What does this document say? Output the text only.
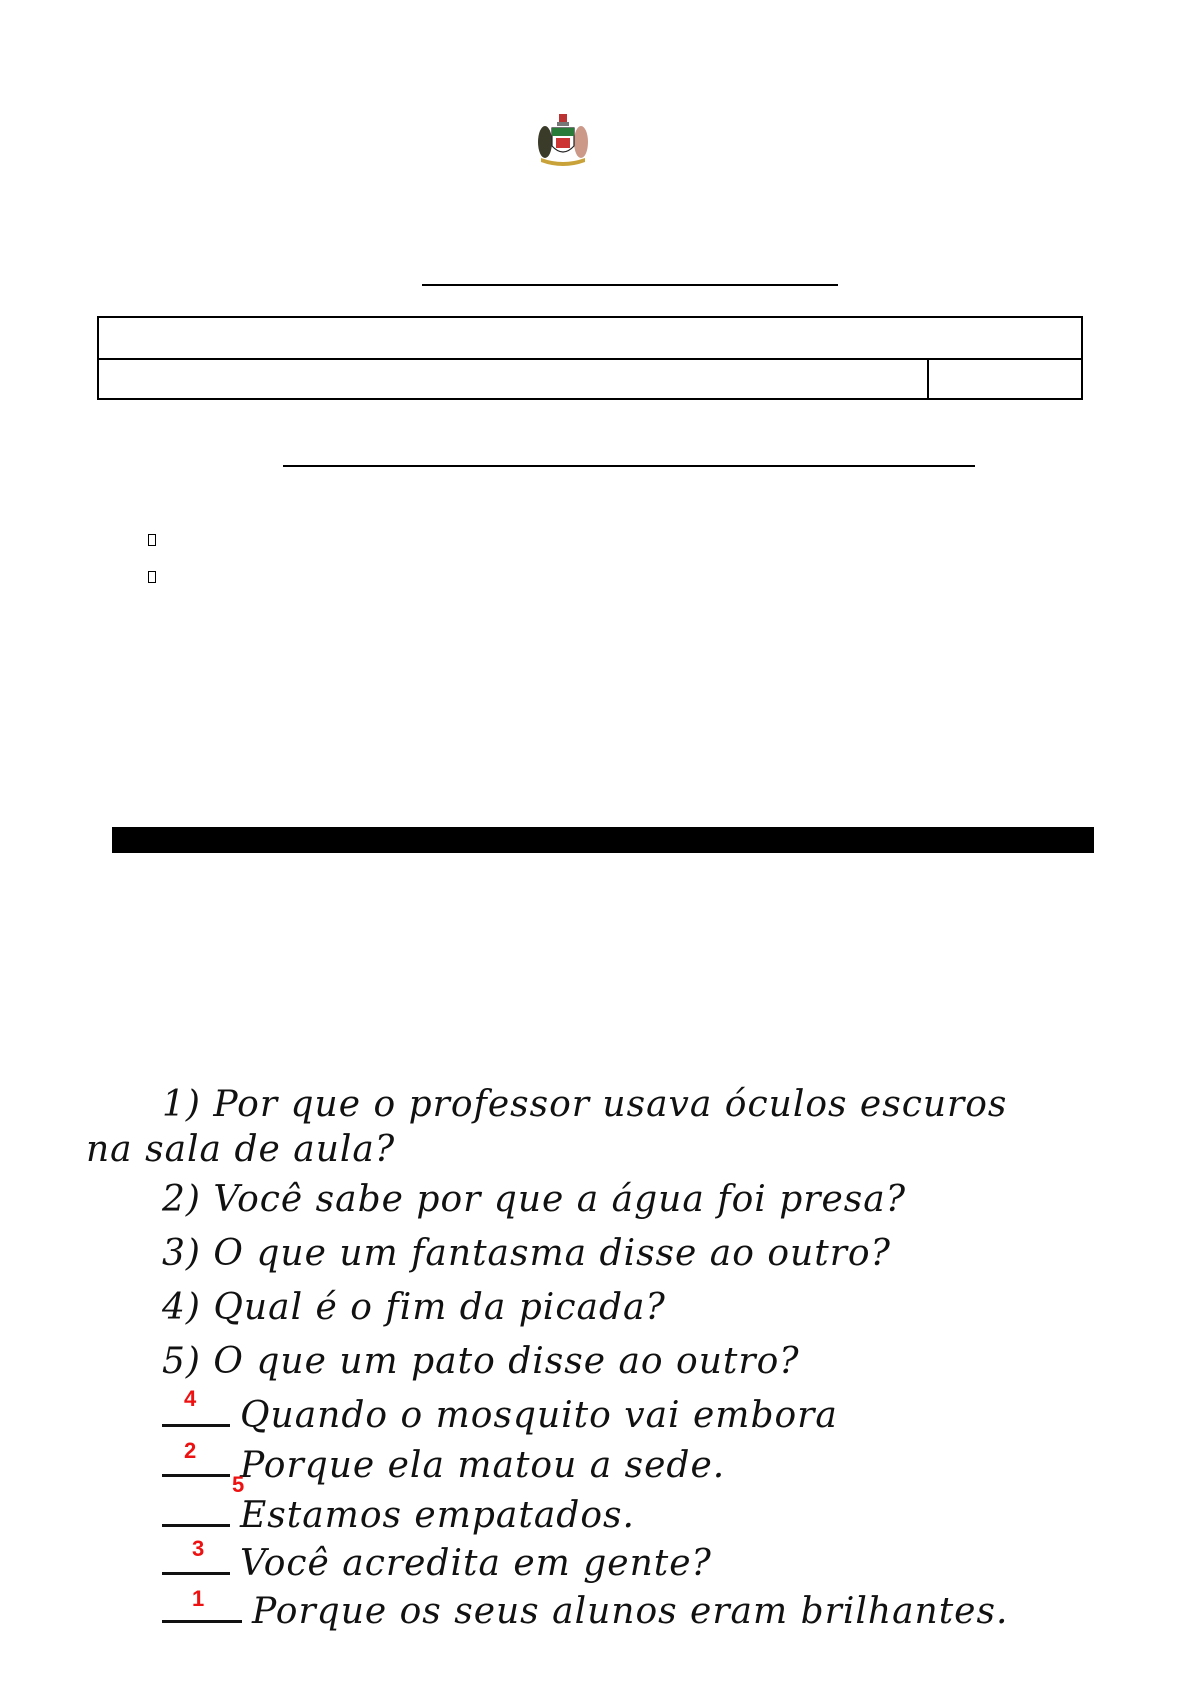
1) Por que o professor usava óculos escuros
na sala de aula?
2) Você sabe por que a água foi presa?
3) O que um fantasma disse ao outro?
4) Qual é o fim da picada?
5) O que um pato disse ao outro?
Quando o mosquito vai embora
4
Porque ela matou a sede.
2
Estamos empatados.
5
Você acredita em gente?
3
Porque os seus alunos eram brilhantes.
1
